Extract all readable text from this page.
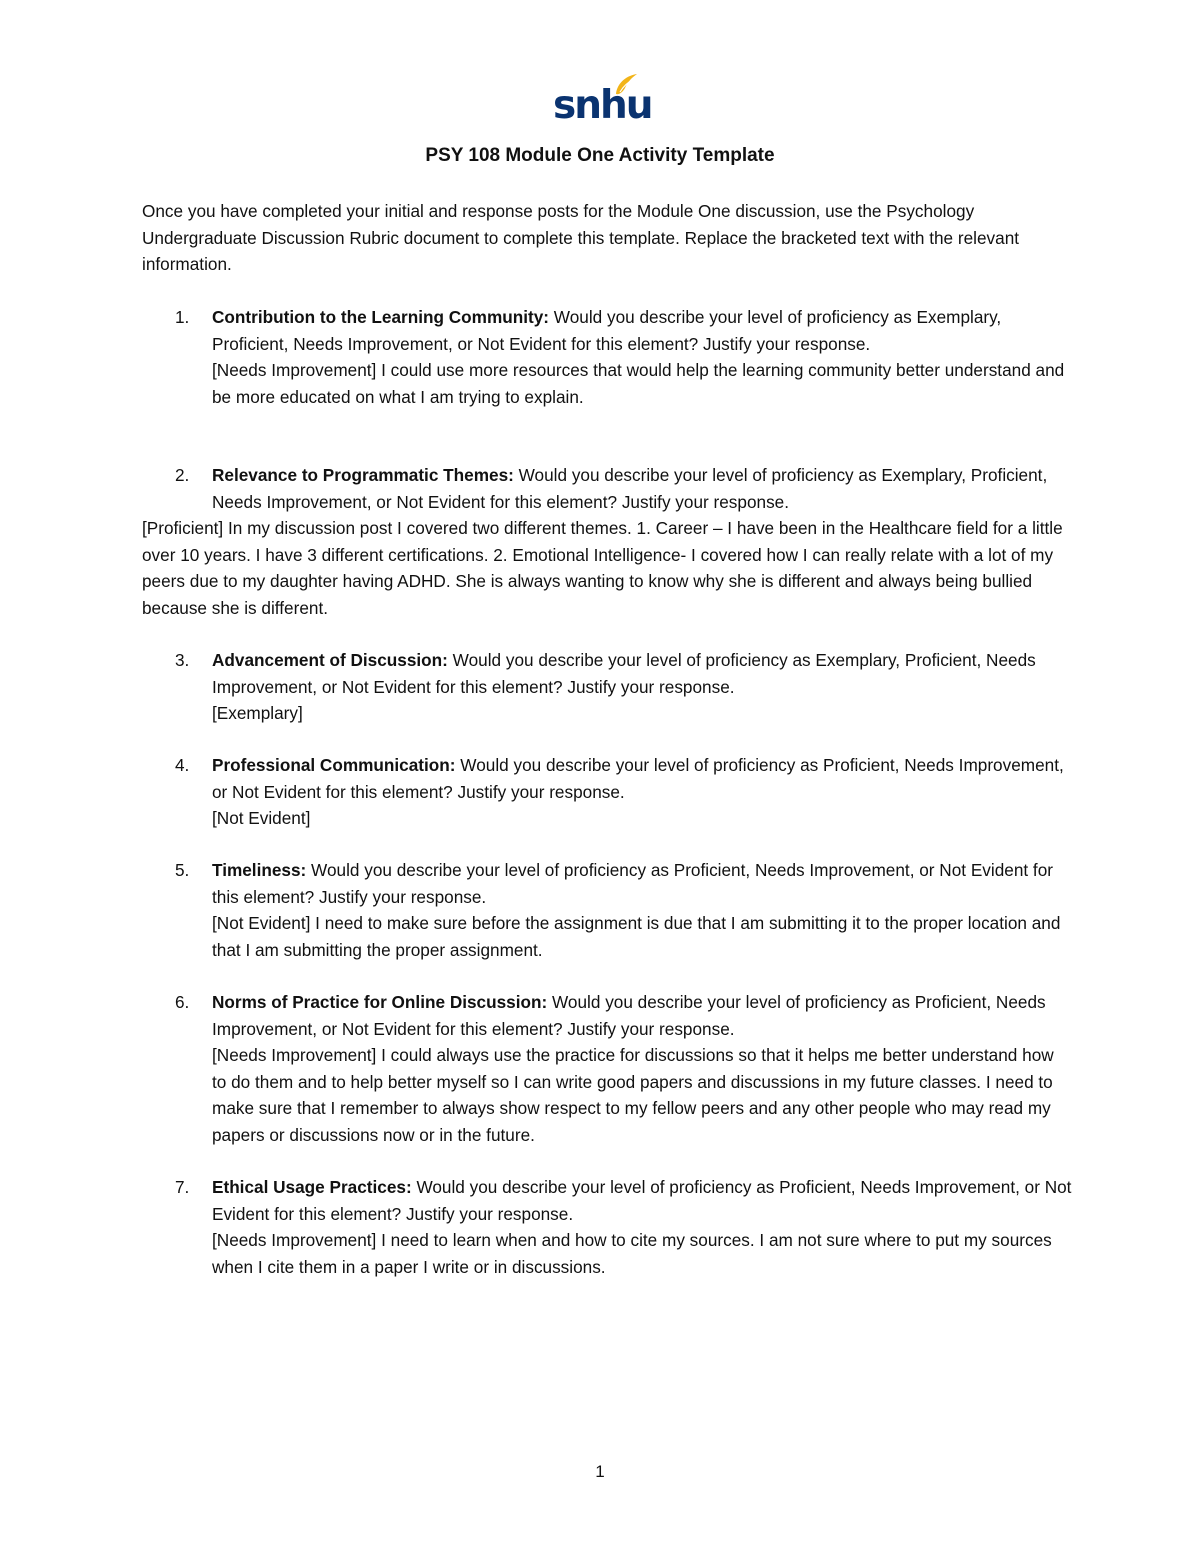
snhu
PSY 108 Module One Activity Template
Once you have completed your initial and response posts for the Module One discussion, use the Psychology Undergraduate Discussion Rubric document to complete this template. Replace the bracketed text with the relevant information.
1.	Contribution to the Learning Community: Would you describe your level of proficiency as Exemplary, Proficient, Needs Improvement, or Not Evident for this element? Justify your response.
[Needs Improvement] I could use more resources that would help the learning community better understand and be more educated on what I am trying to explain.
2.	Relevance to Programmatic Themes: Would you describe your level of proficiency as Exemplary, Proficient, Needs Improvement, or Not Evident for this element? Justify your response.
[Proficient] In my discussion post I covered two different themes. 1. Career – I have been in the Healthcare field for a little over 10 years. I have 3 different certifications. 2. Emotional Intelligence- I covered how I can really relate with a lot of my peers due to my daughter having ADHD. She is always wanting to know why she is different and always being bullied because she is different.
3.	Advancement of Discussion: Would you describe your level of proficiency as Exemplary, Proficient, Needs Improvement, or Not Evident for this element? Justify your response.
[Exemplary]
4.	Professional Communication: Would you describe your level of proficiency as Proficient, Needs Improvement, or Not Evident for this element? Justify your response.
[Not Evident]
5.	Timeliness: Would you describe your level of proficiency as Proficient, Needs Improvement, or Not Evident for this element? Justify your response.
[Not Evident] I need to make sure before the assignment is due that I am submitting it to the proper location and that I am submitting the proper assignment.
6.	Norms of Practice for Online Discussion: Would you describe your level of proficiency as Proficient, Needs Improvement, or Not Evident for this element? Justify your response.
[Needs Improvement] I could always use the practice for discussions so that it helps me better understand how to do them and to help better myself so I can write good papers and discussions in my future classes. I need to make sure that I remember to always show respect to my fellow peers and any other people who may read my papers or discussions now or in the future.
7.	Ethical Usage Practices: Would you describe your level of proficiency as Proficient, Needs Improvement, or Not Evident for this element? Justify your response.
[Needs Improvement] I need to learn when and how to cite my sources. I am not sure where to put my sources when I cite them in a paper I write or in discussions.
1
